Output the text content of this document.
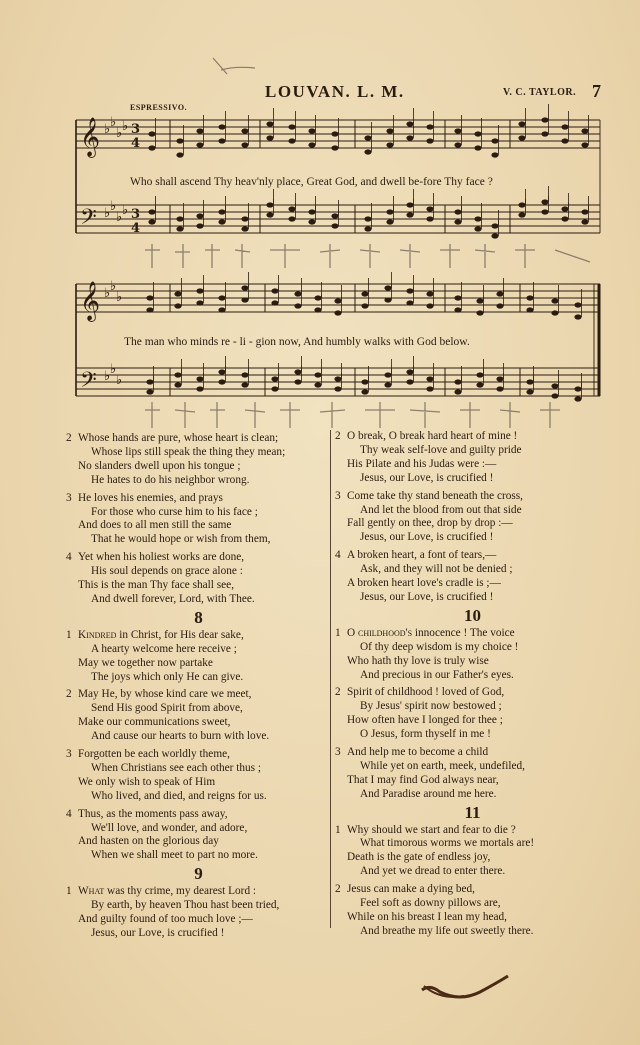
LOUVAN. L. M.	V. C. TAYLOR. 7
ESPRESSIVO.
𝄞
𝄢
𝄞
𝄢
♭ ♭
♭ ♭
♭ ♭
♭ ♭
♭ ♭
♭
♭ ♭
♭
3
4
3
4
Who shall ascend Thy heav'nly place, Great God, and dwell be-fore Thy face ?
The man who minds re - li - gion now, And humbly walks with God below.
2 Whose hands are pure, whose heart is clean;
Whose lips still speak the thing they mean;
No slanders dwell upon his tongue ;
He hates to do his neighbor wrong.
3 He loves his enemies, and prays
For those who curse him to his face ;
And does to all men still the same
That he would hope or wish from them,
4 Yet when his holiest works are done,
His soul depends on grace alone :
This is the man Thy face shall see,
And dwell forever, Lord, with Thee.
8
1 Kindred in Christ, for His dear sake,
A hearty welcome here receive ;
May we together now partake
The joys which only He can give.
2 May He, by whose kind care we meet,
Send His good Spirit from above,
Make our communications sweet,
And cause our hearts to burn with love.
3 Forgotten be each worldly theme,
When Christians see each other thus ;
We only wish to speak of Him
Who lived, and died, and reigns for us.
4 Thus, as the moments pass away,
We'll love, and wonder, and adore,
And hasten on the glorious day
When we shall meet to part no more.
9
1 What was thy crime, my dearest Lord :
By earth, by heaven Thou hast been tried,
And guilty found of too much love ;—
Jesus, our Love, is crucified !
2 O break, O break hard heart of mine !
Thy weak self-love and guilty pride
His Pilate and his Judas were :—
Jesus, our Love, is crucified !
3 Come take thy stand beneath the cross,
And let the blood from out that side
Fall gently on thee, drop by drop :—
Jesus, our Love, is crucified !
4 A broken heart, a font of tears,—
Ask, and they will not be denied ;
A broken heart love's cradle is ;—
Jesus, our Love, is crucified !
10
1 O childhood's innocence ! The voice
Of thy deep wisdom is my choice !
Who hath thy love is truly wise
And precious in our Father's eyes.
2 Spirit of childhood ! loved of God,
By Jesus' spirit now bestowed ;
How often have I longed for thee ;
O Jesus, form thyself in me !
3 And help me to become a child
While yet on earth, meek, undefiled,
That I may find God always near,
And Paradise around me here.
11
1 Why should we start and fear to die ?
What timorous worms we mortals are!
Death is the gate of endless joy,
And yet we dread to enter there.
2 Jesus can make a dying bed,
Feel soft as downy pillows are,
While on his breast I lean my head,
And breathe my life out sweetly there.
